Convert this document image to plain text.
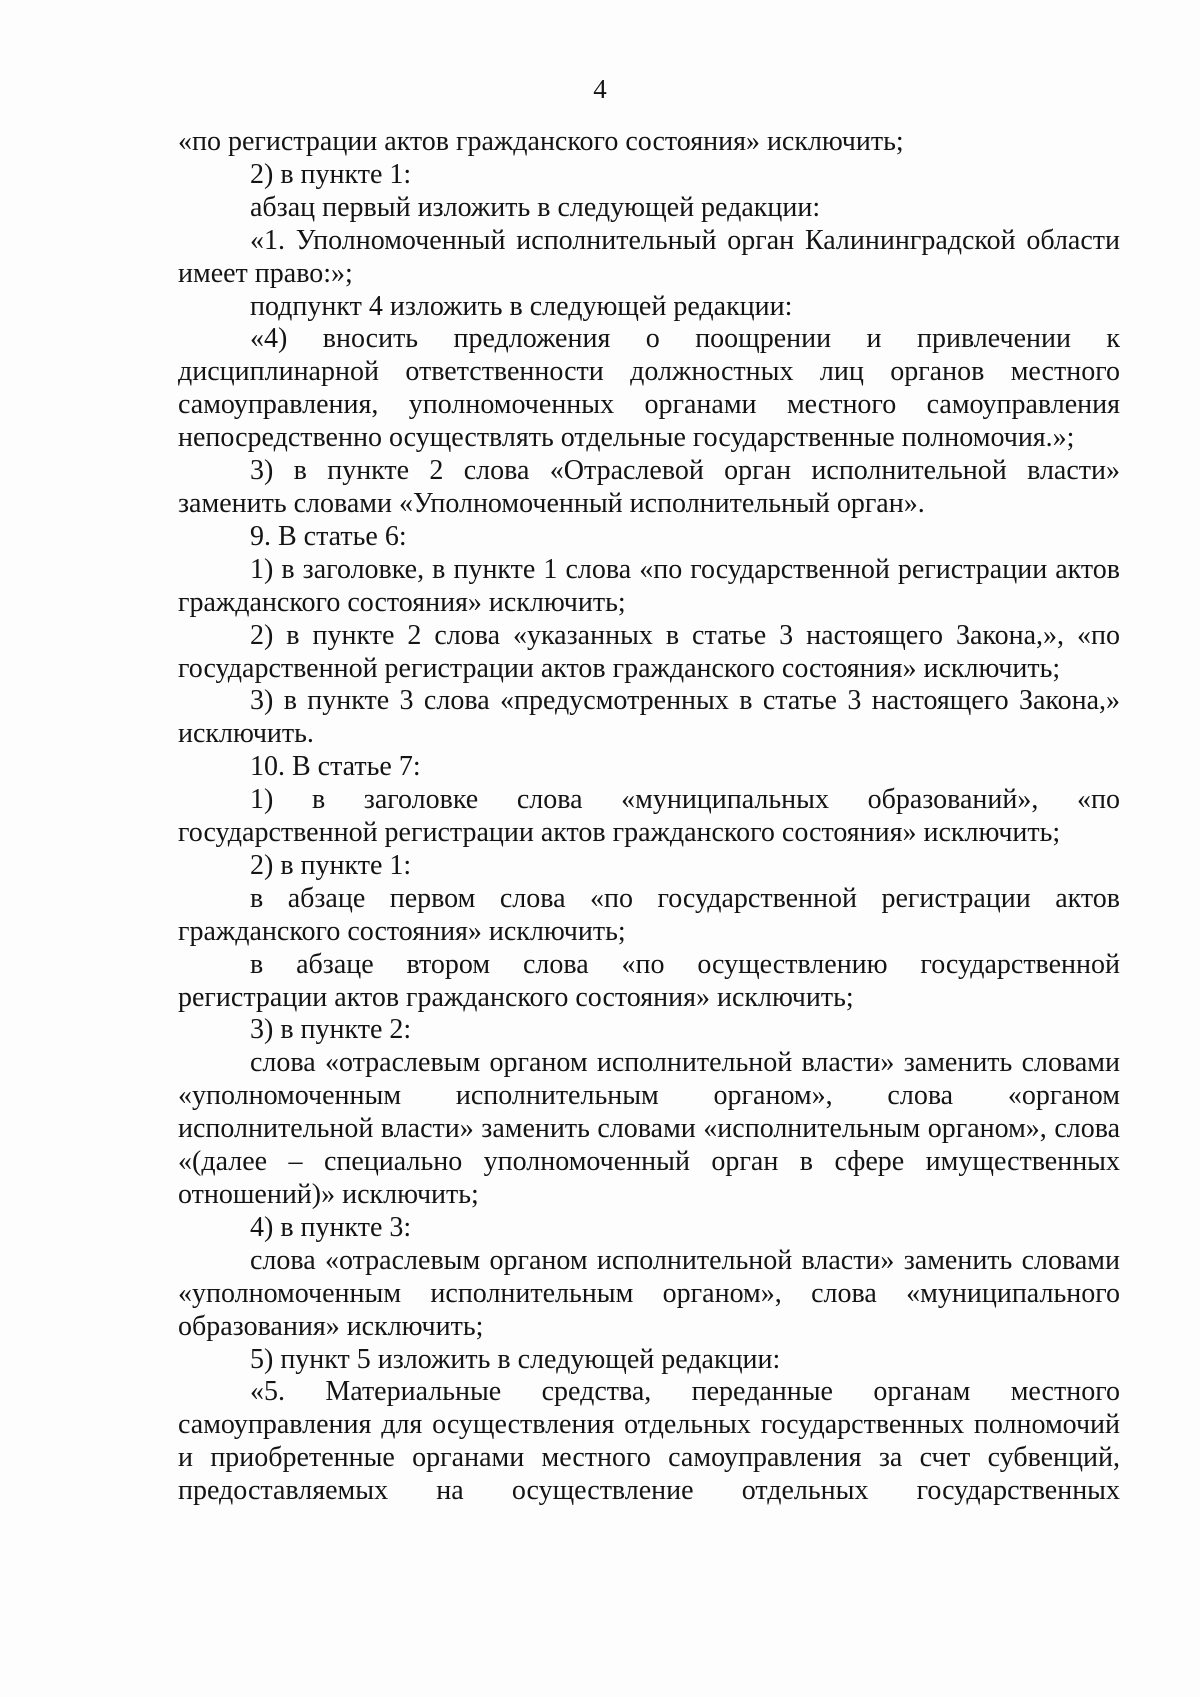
4

«по регистрации актов гражданского состояния» исключить;

2) в пункте 1:

абзац первый изложить в следующей редакции:

«1. Уполномоченный исполнительный орган Калининградской области имеет право:»;

подпункт 4 изложить в следующей редакции:

«4) вносить предложения о поощрении и привлечении к дисциплинарной ответственности должностных лиц органов местного самоуправления, уполномоченных органами местного самоуправления непосредственно осуществлять отдельные государственные полномочия.»;

3) в пункте 2 слова «Отраслевой орган исполнительной власти» заменить словами «Уполномоченный исполнительный орган».

9. В статье 6:

1) в заголовке, в пункте 1 слова «по государственной регистрации актов гражданского состояния» исключить;

2) в пункте 2 слова «указанных в статье 3 настоящего Закона,», «по государственной регистрации актов гражданского состояния» исключить;

3) в пункте 3 слова «предусмотренных в статье 3 настоящего Закона,» исключить.

10. В статье 7:

1) в заголовке слова «муниципальных образований», «по государственной регистрации актов гражданского состояния» исключить;

2) в пункте 1:

в абзаце первом слова «по государственной регистрации актов гражданского состояния» исключить;

в абзаце втором слова «по осуществлению государственной регистрации актов гражданского состояния» исключить;

3) в пункте 2:

слова «отраслевым органом исполнительной власти» заменить словами «уполномоченным исполнительным органом», слова «органом исполнительной власти» заменить словами «исполнительным органом», слова «(далее – специально уполномоченный орган в сфере имущественных отношений)» исключить;

4) в пункте 3:

слова «отраслевым органом исполнительной власти» заменить словами «уполномоченным исполнительным органом», слова «муниципального образования» исключить;

5) пункт 5 изложить в следующей редакции:

«5. Материальные средства, переданные органам местного самоуправления для осуществления отдельных государственных полномочий и приобретенные органами местного самоуправления за счет субвенций, предоставляемых на осуществление отдельных государственных
